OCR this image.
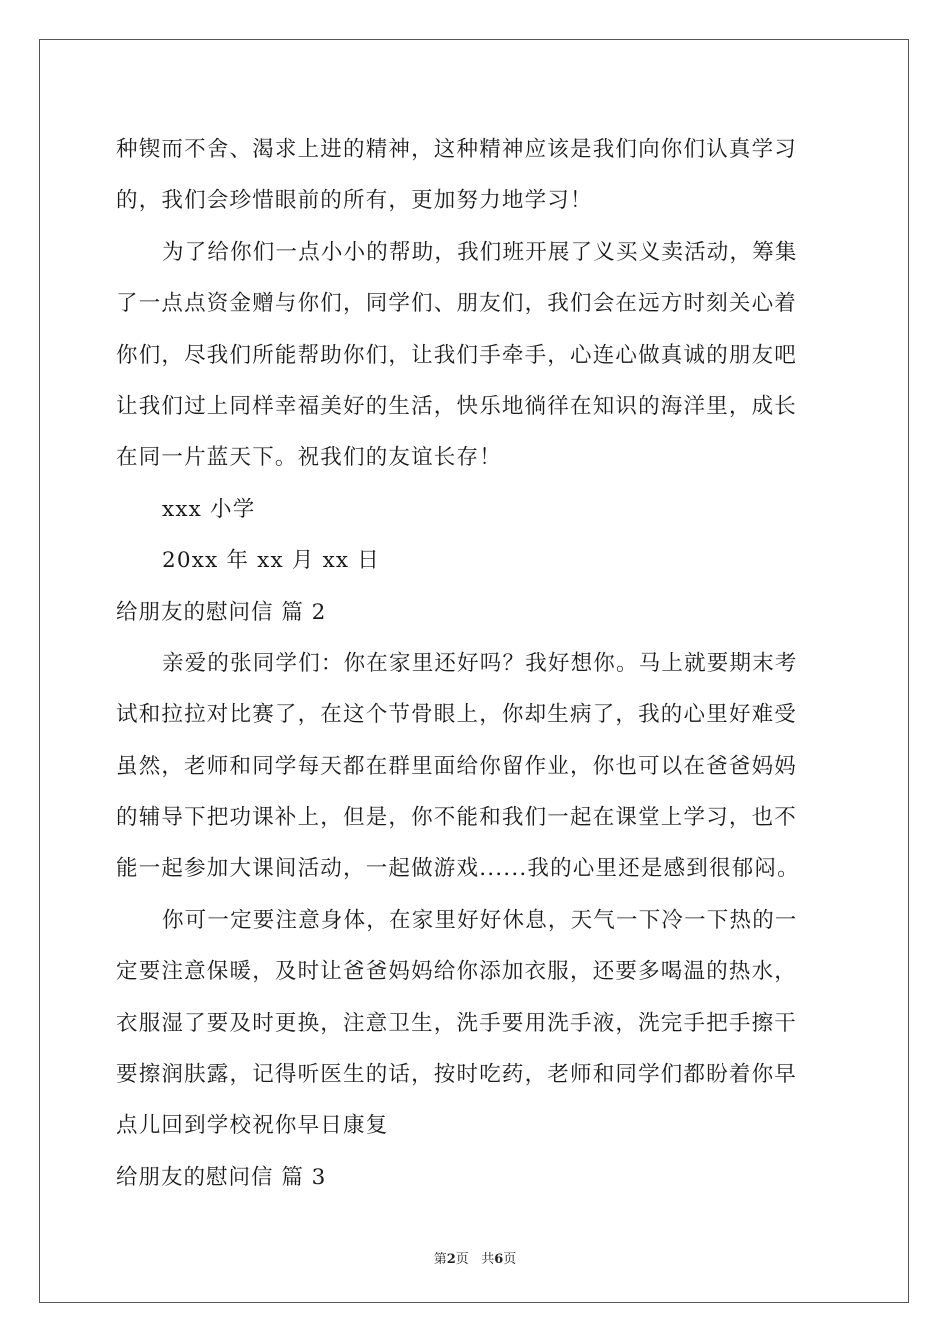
种锲而不舍、渴求上进的精神，这种精神应该是我们向你们认真学习
的，我们会珍惜眼前的所有，更加努力地学习！
为了给你们一点小小的帮助，我们班开展了义买义卖活动，筹集
了一点点资金赠与你们，同学们、朋友们，我们会在远方时刻关心着
你们，尽我们所能帮助你们，让我们手牵手，心连心做真诚的朋友吧
让我们过上同样幸福美好的生活，快乐地徜徉在知识的海洋里，成长
在同一片蓝天下。祝我们的友谊长存！
xxx 小学
20xx 年 xx 月 xx 日
给朋友的慰问信 篇 2
亲爱的张同学们：你在家里还好吗？我好想你。马上就要期末考
试和拉拉对比赛了，在这个节骨眼上，你却生病了，我的心里好难受
虽然，老师和同学每天都在群里面给你留作业，你也可以在爸爸妈妈
的辅导下把功课补上，但是，你不能和我们一起在课堂上学习，也不
能一起参加大课间活动，一起做游戏......我的心里还是感到很郁闷。
你可一定要注意身体，在家里好好休息，天气一下冷一下热的一
定要注意保暖，及时让爸爸妈妈给你添加衣服，还要多喝温的热水，
衣服湿了要及时更换，注意卫生，洗手要用洗手液，洗完手把手擦干
要擦润肤露，记得听医生的话，按时吃药，老师和同学们都盼着你早
点儿回到学校祝你早日康复
给朋友的慰问信 篇 3
第2页 共6页
